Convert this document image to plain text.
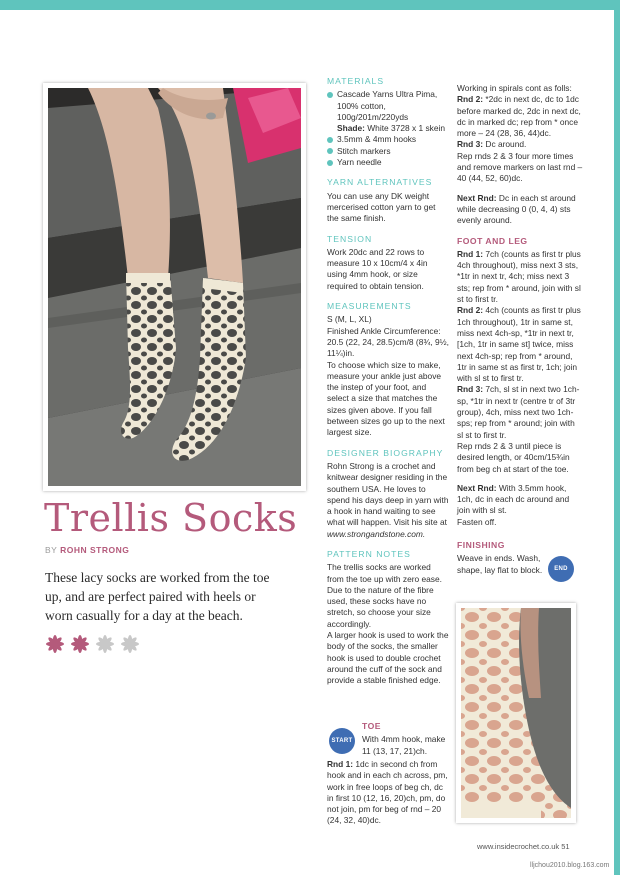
Trellis Socks
BY ROHN STRONG
These lacy socks are worked from the toe up, and are perfect paired with heels or worn casually for a day at the beach.
MATERIALS
Cascade Yarns Ultra Pima,
100% cotton,
100g/201m/220yds
Shade: White 3728 x 1 skein
3.5mm & 4mm hooks
Stitch markers
Yarn needle
YARN ALTERNATIVES
You can use any DK weight mercerised cotton yarn to get the same finish.
TENSION
Work 20dc and 22 rows to measure 10 x 10cm/4 x 4in using 4mm hook, or size required to obtain tension.
MEASUREMENTS
S (M, L, XL)
Finished Ankle Circumference: 20.5 (22, 24, 28.5)cm/8 (8¾, 9½, 11¼)in.
To choose which size to make, measure your ankle just above the instep of your foot, and select a size that matches the sizes given above. If you fall between sizes go up to the next largest size.
DESIGNER BIOGRAPHY
Rohn Strong is a crochet and knitwear designer residing in the southern USA. He loves to spend his days deep in yarn with a hook in hand waiting to see what will happen. Visit his site at www.strongandstone.com.
PATTERN NOTES
The trellis socks are worked from the toe up with zero ease. Due to the nature of the fibre used, these socks have no stretch, so choose your size accordingly.
A larger hook is used to work the body of the socks, the smaller hook is used to double crochet around the cuff of the sock and provide a stable finished edge.
START
TOE
With 4mm hook, make 11 (13, 17, 21)ch.
Rnd 1: 1dc in second ch from hook and in each ch across, pm, work in free loops of beg ch, dc in first 10 (12, 16, 20)ch, pm, do not join, pm for beg of rnd – 20 (24, 32, 40)dc.
Working in spirals cont as folls:
Rnd 2: *2dc in next dc, dc to 1dc before marked dc, 2dc in next dc, dc in marked dc; rep from * once more – 24 (28, 36, 44)dc.
Rnd 3: Dc around.
Rep rnds 2 & 3 four more times and remove markers on last rnd – 40 (44, 52, 60)dc.
Next Rnd: Dc in each st around while decreasing 0 (0, 4, 4) sts evenly around.
FOOT AND LEG
Rnd 1: 7ch (counts as first tr plus 4ch throughout), miss next 3 sts, *1tr in next tr, 4ch; miss next 3 sts; rep from * around, join with sl st to first tr.
Rnd 2: 4ch (counts as first tr plus 1ch throughout), 1tr in same st, miss next 4ch-sp, *1tr in next tr, [1ch, 1tr in same st] twice, miss next 4ch-sp; rep from * around, 1tr in same st as first tr, 1ch; join with sl st to first tr.
Rnd 3: 7ch, sl st in next two 1ch-sp, *1tr in next tr (centre tr of 3tr group), 4ch, miss next two 1ch-sps; rep from * around; join with sl st to first tr.
Rep rnds 2 & 3 until piece is desired length, or 40cm/15¾in from beg ch at start of the toe.
Next Rnd: With 3.5mm hook, 1ch, dc in each dc around and join with sl st.
Fasten off.
FINISHING
Weave in ends. Wash, shape, lay flat to block.	END
www.insidecrochet.co.uk 51
lljchou2010.blog.163.com
